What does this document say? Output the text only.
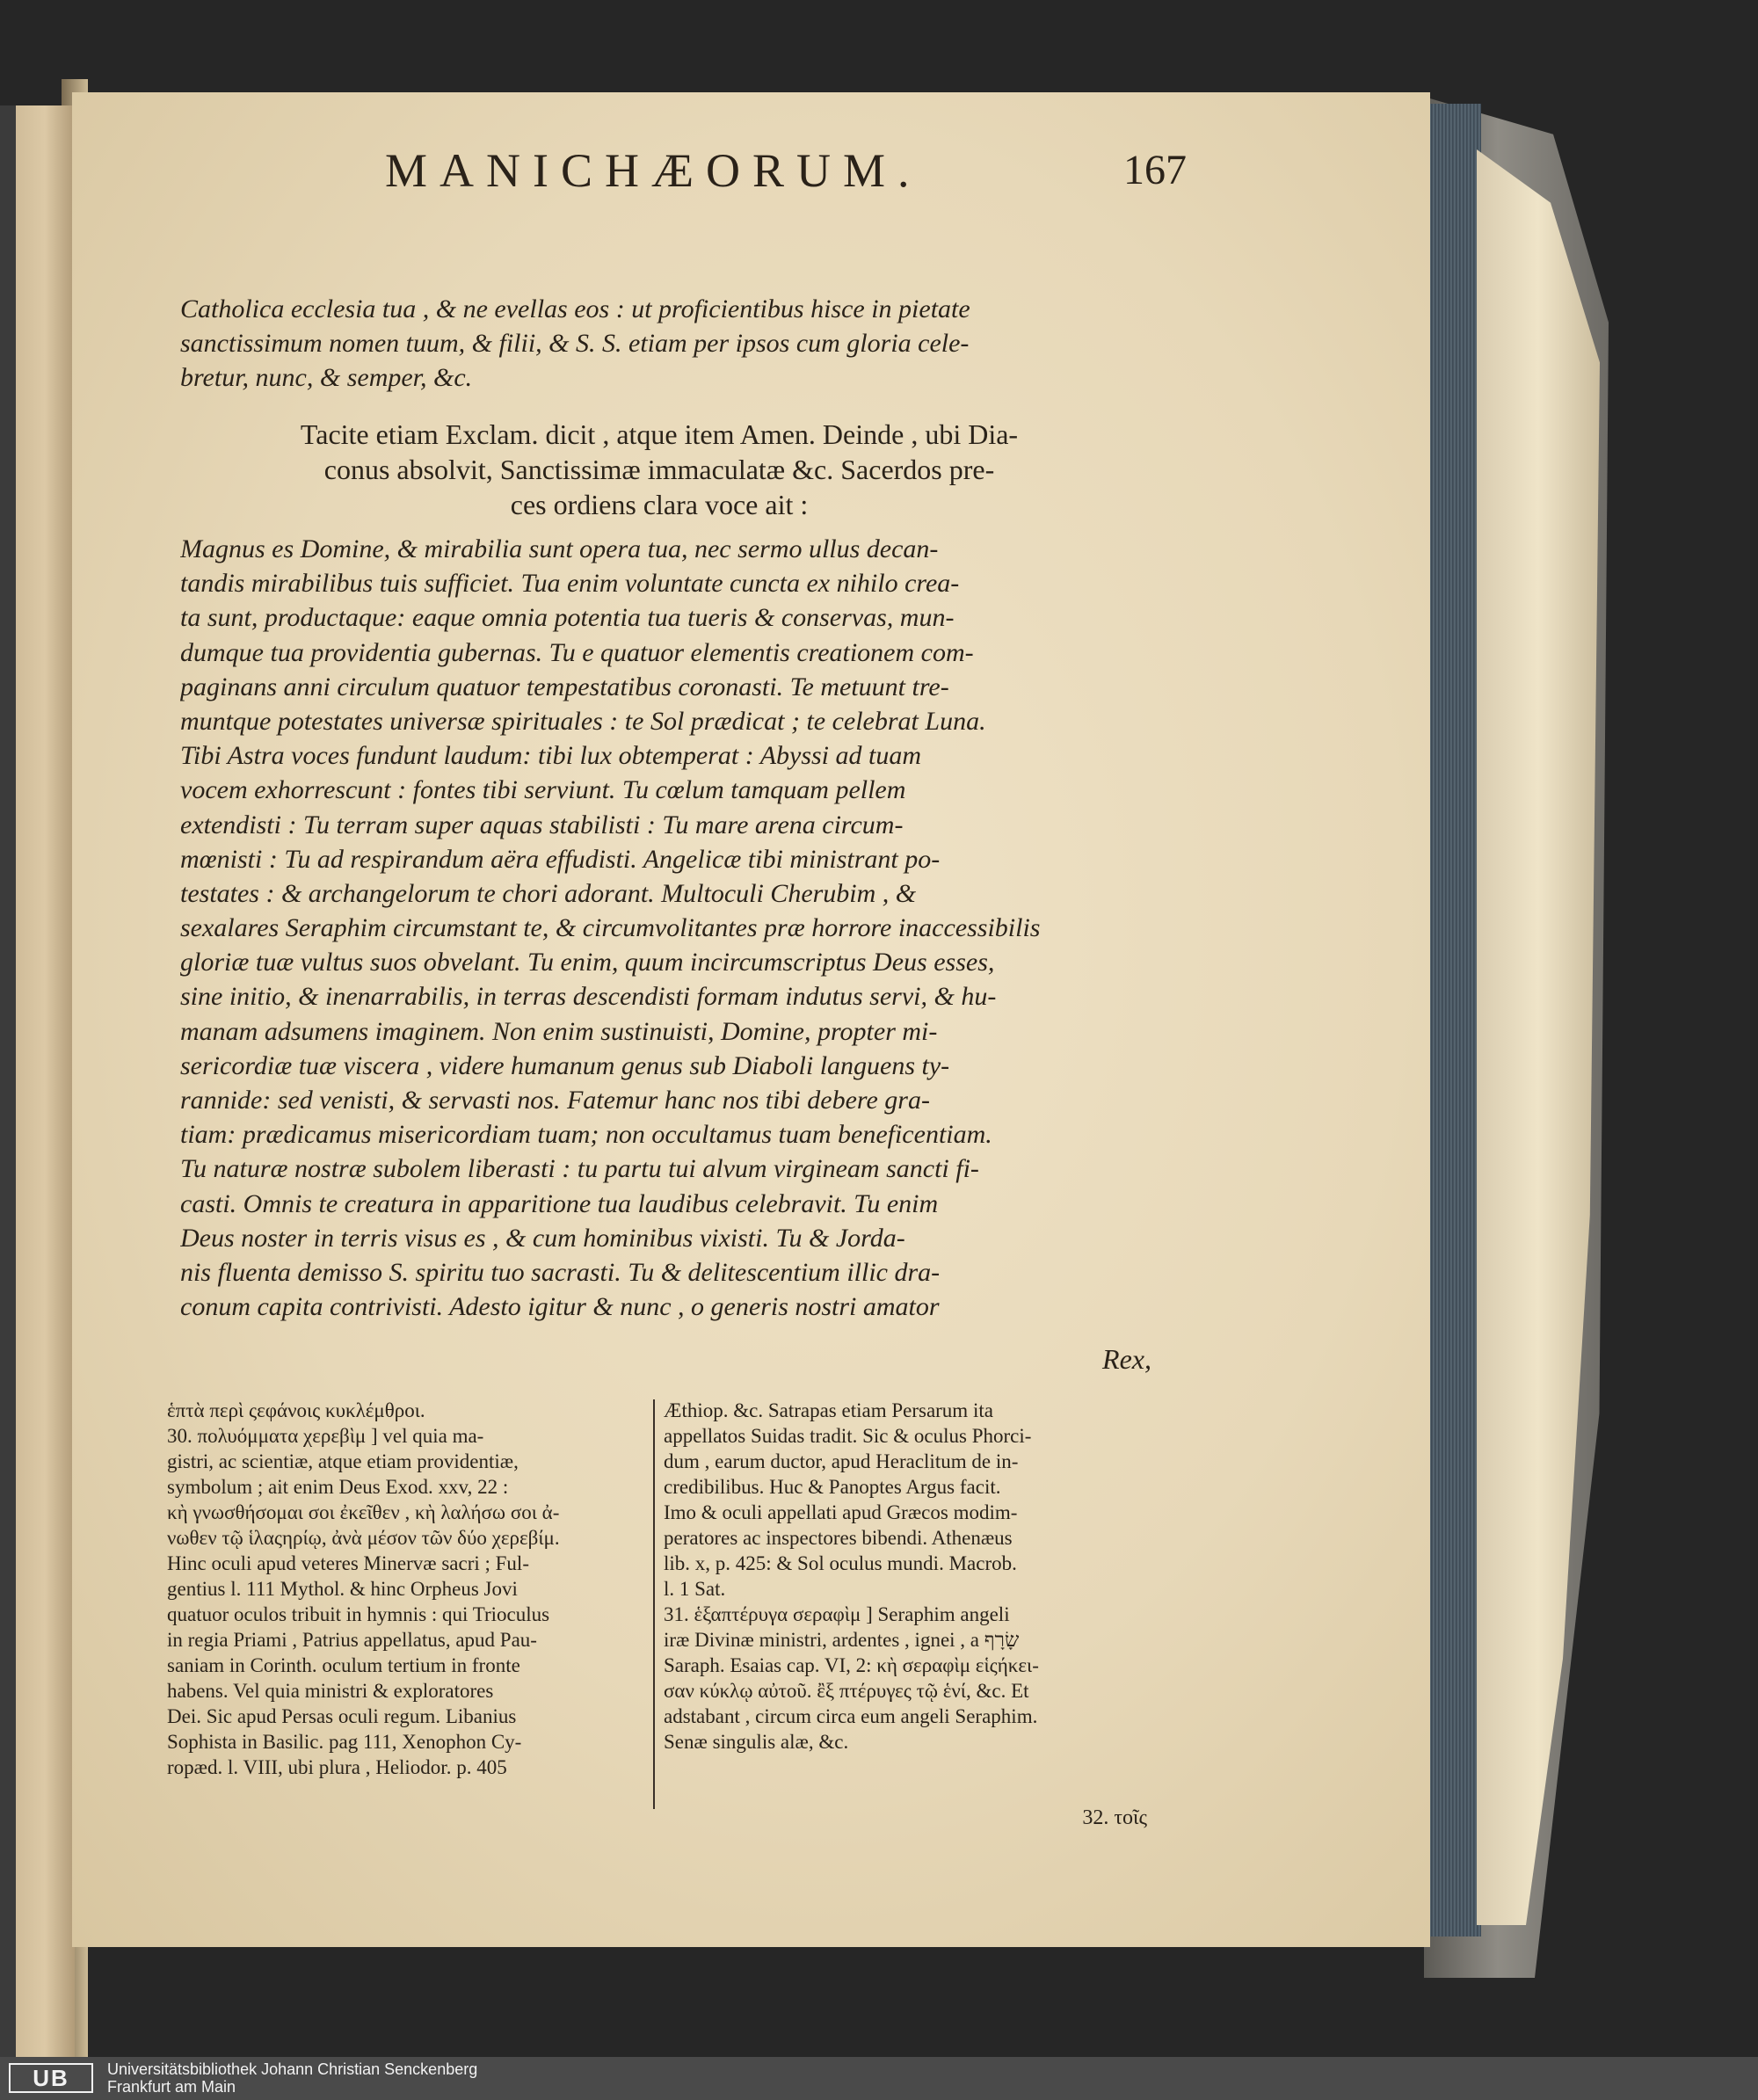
MANICHÆORUM.	167
Catholica ecclesia tua , & ne evellas eos : ut proficientibus hisce in pietate
sanctissimum nomen tuum, & filii, & S. S. etiam per ipsos cum gloria cele-
bretur, nunc, & semper, &c.
Tacite etiam Exclam. dicit , atque item Amen. Deinde , ubi Dia-
conus absolvit, Sanctissimæ immaculatæ &c. Sacerdos pre-
ces ordiens clara voce ait :
Magnus es Domine, & mirabilia sunt opera tua, nec sermo ullus decan-
tandis mirabilibus tuis sufficiet. Tua enim voluntate cuncta ex nihilo crea-
ta sunt, productaque: eaque omnia potentia tua tueris & conservas, mun-
dumque tua providentia gubernas. Tu e quatuor elementis creationem com-
paginans anni circulum quatuor tempestatibus coronasti. Te metuunt tre-
muntque potestates universæ spirituales : te Sol prædicat ; te celebrat Luna.
Tibi Astra voces fundunt laudum: tibi lux obtemperat : Abyssi ad tuam
vocem exhorrescunt : fontes tibi serviunt. Tu cœlum tamquam pellem
extendisti : Tu terram super aquas stabilisti : Tu mare arena circum-
mœnisti : Tu ad respirandum aëra effudisti. Angelicæ tibi ministrant po-
testates : & archangelorum te chori adorant. Multoculi Cherubim , &
sexalares Seraphim circumstant te, & circumvolitantes præ horrore inaccessibilis
gloriæ tuæ vultus suos obvelant. Tu enim, quum incircumscriptus Deus esses,
sine initio, & inenarrabilis, in terras descendisti formam indutus servi, & hu-
manam adsumens imaginem. Non enim sustinuisti, Domine, propter mi-
sericordiæ tuæ viscera , videre humanum genus sub Diaboli languens ty-
rannide: sed venisti, & servasti nos. Fatemur hanc nos tibi debere gra-
tiam: prædicamus misericordiam tuam; non occultamus tuam beneficentiam.
Tu naturæ nostræ subolem liberasti : tu partu tui alvum virgineam sancti fi-
casti. Omnis te creatura in apparitione tua laudibus celebravit. Tu enim
Deus noster in terris visus es , & cum hominibus vixisti. Tu & Jorda-
nis fluenta demisso S. spiritu tuo sacrasti. Tu & delitescentium illic dra-
conum capita contrivisti. Adesto igitur & nunc , o generis nostri amator
Rex,
ἑπτὰ περὶ ςεφάνοις κυκλέμθροι.
30. πολυόμματα χερεβὶμ ] vel quia ma-
gistri, ac scientiæ, atque etiam providentiæ,
symbolum ; ait enim Deus Exod. xxv, 22 :
κὴ γνωσθήσομαι σοι ἐκεῖθεν , κὴ λαλήσω σοι ἀ-
νωθεν τῷ ἱλαςηρίῳ, ἀνὰ μέσον τῶν δύο χερεβίμ.
Hinc oculi apud veteres Minervæ sacri ; Ful-
gentius l. 111 Mythol. & hinc Orpheus Jovi
quatuor oculos tribuit in hymnis : qui Trioculus
in regia Priami , Patrius appellatus, apud Pau-
saniam in Corinth. oculum tertium in fronte
habens. Vel quia ministri & exploratores
Dei. Sic apud Persas oculi regum. Libanius
Sophista in Basilic. pag 111, Xenophon Cy-
ropæd. l. VIII, ubi plura , Heliodor. p. 405
Æthiop. &c. Satrapas etiam Persarum ita
appellatos Suidas tradit. Sic & oculus Phorci-
dum , earum ductor, apud Heraclitum de in-
credibilibus. Huc & Panoptes Argus facit.
Imo & oculi appellati apud Græcos modim-
peratores ac inspectores bibendi. Athenæus
lib. x, p. 425: & Sol oculus mundi. Macrob.
l. 1 Sat.
31. ἑξαπτέρυγα σεραφὶμ ] Seraphim angeli
iræ Divinæ ministri, ardentes , ignei , a שָׂרָף
Saraph. Esaias cap. VI, 2: κὴ σεραφὶμ εἱςήκει-
σαν κύκλῳ αὐτοῦ. ἒξ πτέρυγες τῷ ἑνί, &c. Et
adstabant , circum circa eum angeli Seraphim.
Senæ singulis alæ, &c.
32. τοῖς
UB	Universitätsbibliothek Johann Christian Senckenberg
Frankfurt am Main
